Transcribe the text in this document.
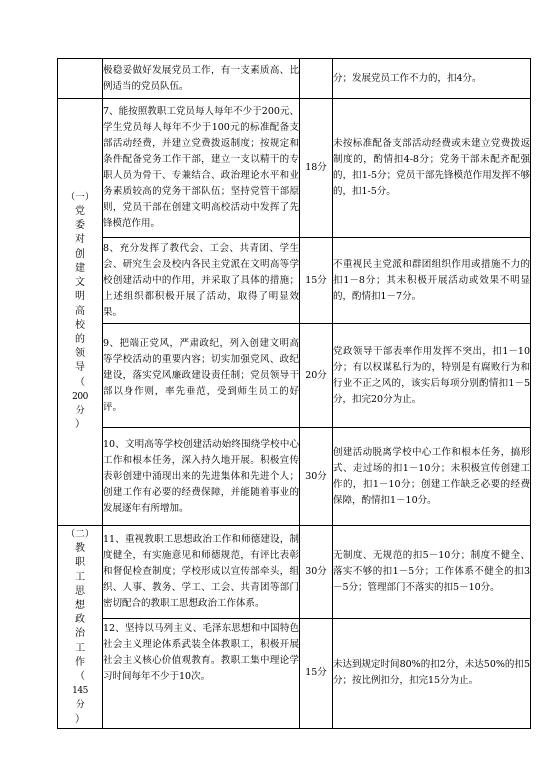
	极稳妥做好发展党员工作，有一支素质高、比例适当的党员队伍。		分；发展党员工作不力的，扣4分。

（一）
党委对创建文明高校的领导
（
200分
）	7、能按照教职工党员每人每年不少于200元、学生党员每人每年不少于100元的标准配备支部活动经费，并建立党费拨返制度；按规定和条件配备党务工作干部，建立一支以精干的专职人员为骨干、专兼结合、政治理论水平和业务素质较高的党务干部队伍；坚持党管干部原则，党员干部在创建文明高校活动中发挥了先锋模范作用。	18分	未按标准配备支部活动经费或未建立党费拨返制度的，酌情扣4-8分；党务干部未配齐配强的，扣1-5分；党员干部先锋模范作用发挥不够的，扣1-5分。
	8、充分发挥了教代会、工会、共青团、学生会、研究生会及校内各民主党派在文明高等学校创建活动中的作用，并采取了具体的措施；上述组织都积极开展了活动，取得了明显效果。	15分	不重视民主党派和群团组织作用或措施不力的扣1－8分；其未积极开展活动或效果不明显的，酌情扣1－7分。
	9、把端正党风，严肃政纪，列入创建文明高等学校活动的重要内容；切实加强党风、政纪建设，落实党风廉政建设责任制；党员领导干部以身作则，率先垂范，受到师生员工的好评。	20分	党政领导干部表率作用发挥不突出，扣1－10分；有以权谋私行为的，特别是有腐败行为和行业不正之风的，该实后每项分别酌情扣1－5分，扣完20分为止。
	10、文明高等学校创建活动始终围绕学校中心工作和根本任务，深入持久地开展。积极宣传表彰创建中涌现出来的先进集体和先进个人；创建工作有必要的经费保障，并能随着事业的发展逐年有所增加。	30分	创建活动脱离学校中心工作和根本任务，搞形式、走过场的扣1－10分；未积极宣传创建工作的，扣1－10分；创建工作缺乏必要的经费保障，酌情扣1－10分。

（二）
教职工思想政治工作
（
145分
）	11、重视教职工思想政治工作和师德建设，制度健全，有实施意见和师德规范，有评比表彰和督促检查制度；学校形成以宣传部牵头，组织、人事、教务、学工、工会、共青团等部门密切配合的教职工思想政治工作体系。	30分	无制度、无规范的扣5－10分；制度不健全、落实不够的扣1－5分；工作体系不健全的扣3－5分；管理部门不落实的扣5－10分。
	12、坚持以马列主义、毛泽东思想和中国特色社会主义理论体系武装全体教职工，积极开展社会主义核心价值观教育。教职工集中理论学习时间每年不少于10次。	15分	未达到规定时间80%的扣2分，未达50%的扣5分；按比例扣分，扣完15分为止。
